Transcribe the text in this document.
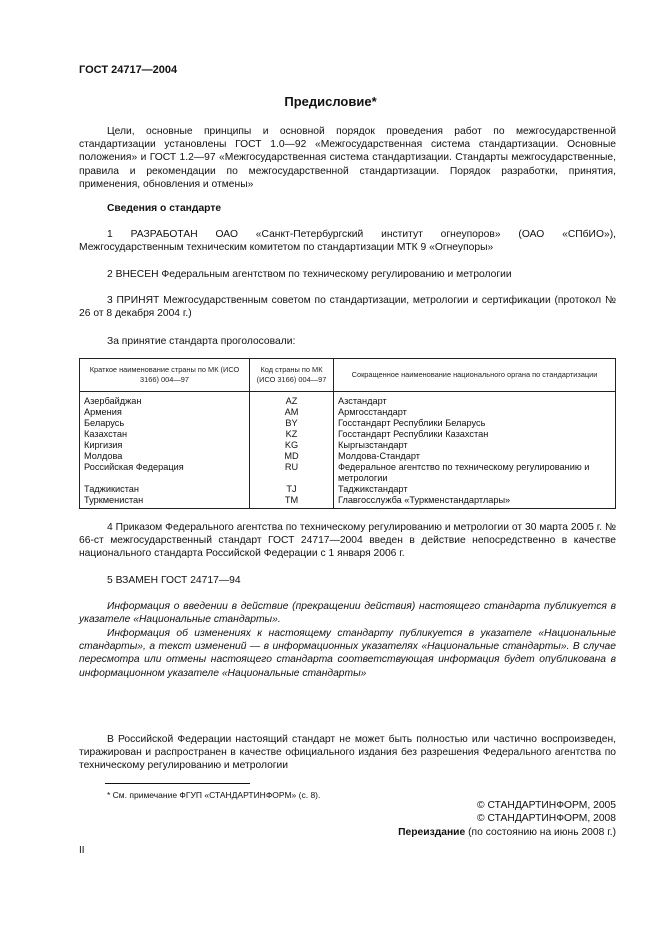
ГОСТ 24717—2004
Предисловие*

Цели, основные принципы и основной порядок проведения работ по межгосударственной стандартизации установлены ГОСТ 1.0—92 «Межгосударственная система стандартизации. Основные положения» и ГОСТ 1.2—97 «Межгосударственная система стандартизации. Стандарты межгосударственные, правила и рекомендации по межгосударственной стандартизации. Порядок разработки, принятия, применения, обновления и отмены»

Сведения о стандарте

1 РАЗРАБОТАН ОАО «Санкт-Петербургский институт огнеупоров» (ОАО «СПбИО»), Межгосударственным техническим комитетом по стандартизации МТК 9 «Огнеупоры»

2 ВНЕСЕН Федеральным агентством по техническому регулированию и метрологии

3 ПРИНЯТ Межгосударственным советом по стандартизации, метрологии и сертификации (протокол № 26 от 8 декабря 2004 г.)

За принятие стандарта проголосовали:

Краткое наименование страны по МК (ИСО 3166) 004—97	Код страны по МК (ИСО 3166) 004—97	Сокращенное наименование национального органа по стандартизации
Азербайджан	AZ	Азстандарт
Армения	AM	Армгосстандарт
Беларусь	BY	Госстандарт Республики Беларусь
Казахстан	KZ	Госстандарт Республики Казахстан
Киргизия	KG	Кыргызстандарт
Молдова	MD	Молдова-Стандарт
Российская Федерация	RU	Федеральное агентство по техническому регулированию и метрологии
Таджикистан	TJ	Таджикстандарт
Туркменистан	TM	Главгосслужба «Туркменстандартлары»

4 Приказом Федерального агентства по техническому регулированию и метрологии от 30 марта 2005 г. № 66-ст межгосударственный стандарт ГОСТ 24717—2004 введен в действие непосредственно в качестве национального стандарта Российской Федерации с 1 января 2006 г.

5 ВЗАМЕН ГОСТ 24717—94

Информация о введении в действие (прекращении действия) настоящего стандарта публикуется в указателе «Национальные стандарты».

Информация об изменениях к настоящему стандарту публикуется в указателе «Национальные стандарты», а текст изменений — в информационных указателях «Национальные стандарты». В случае пересмотра или отмены настоящего стандарта соответствующая информация будет опубликована в информационном указателе «Национальные стандарты»

В Российской Федерации настоящий стандарт не может быть полностью или частично воспроизведен, тиражирован и распространен в качестве официального издания без разрешения Федерального агентства по техническому регулированию и метрологии

* См. примечание ФГУП «СТАНДАРТИНФОРМ» (с. 8).
© СТАНДАРТИНФОРМ, 2005
© СТАНДАРТИНФОРМ, 2008
Переиздание (по состоянию на июнь 2008 г.)
II
